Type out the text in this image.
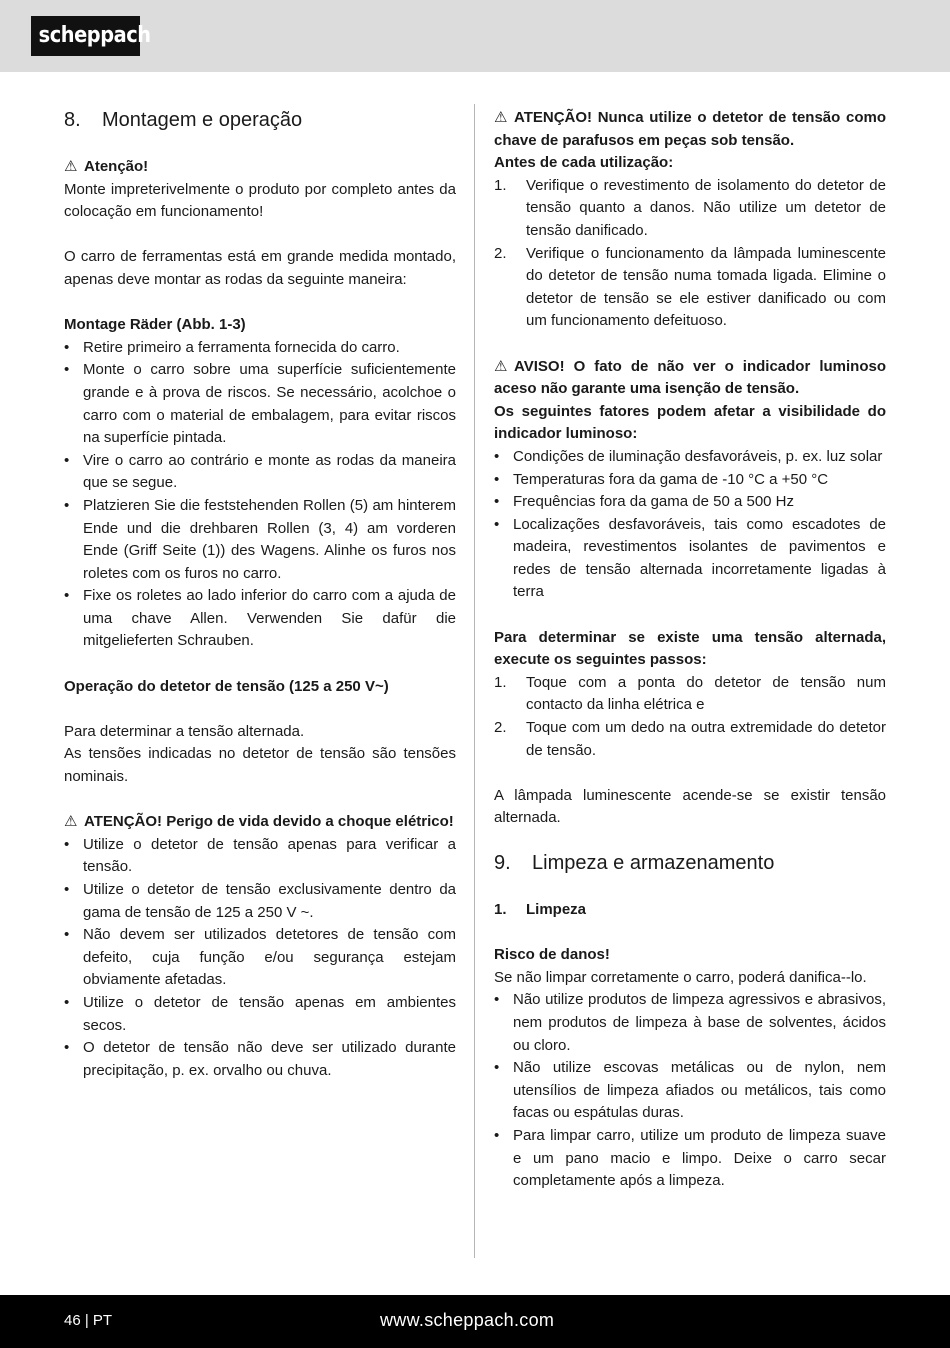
scheppach
8.	Montagem e operação

⚠ Atenção!

Monte impreterivelmente o produto por completo antes da colocação em funcionamento!

O carro de ferramentas está em grande medida montado, apenas deve montar as rodas da seguinte maneira:

Montage Räder (Abb. 1-3)

• Retire primeiro a ferramenta fornecida do carro.
• Monte o carro sobre uma superfície suficientemente grande e à prova de riscos. Se necessário, acolchoe o carro com o material de embalagem, para evitar riscos na superfície pintada.
• Vire o carro ao contrário e monte as rodas da maneira que se segue.
• Platzieren Sie die feststehenden Rollen (5) am hinterem Ende und die drehbaren Rollen (3, 4) am vorderen Ende (Griff Seite (1)) des Wagens. Alinhe os furos nos roletes com os furos no carro.
• Fixe os roletes ao lado inferior do carro com a ajuda de uma chave Allen. Verwenden Sie dafür die mitgelieferten Schrauben.

Operação do detetor de tensão (125 a 250 V~)

Para determinar a tensão alternada.

As tensões indicadas no detetor de tensão são tensões nominais.

⚠ ATENÇÃO! Perigo de vida devido a choque elétrico!

• Utilize o detetor de tensão apenas para verificar a tensão.
• Utilize o detetor de tensão exclusivamente dentro da gama de tensão de 125 a 250 V ~.
• Não devem ser utilizados detetores de tensão com defeito, cuja função e/ou segurança estejam obviamente afetadas.
• Utilize o detetor de tensão apenas em ambientes secos.
• O detetor de tensão não deve ser utilizado durante precipitação, p. ex. orvalho ou chuva.

⚠ ATENÇÃO! Nunca utilize o detetor de tensão como chave de parafusos em peças sob tensão.

Antes de cada utilização:

1.	Verifique o revestimento de isolamento do detetor de tensão quanto a danos. Não utilize um detetor de tensão danificado.
2.	Verifique o funcionamento da lâmpada luminescente do detetor de tensão numa tomada ligada. Elimine o detetor de tensão se ele estiver danificado ou com um funcionamento defeituoso.

⚠ AVISO! O fato de não ver o indicador luminoso aceso não garante uma isenção de tensão.

Os seguintes fatores podem afetar a visibilidade do indicador luminoso:

• Condições de iluminação desfavoráveis, p. ex. luz solar
• Temperaturas fora da gama de -10 °C a +50 °C
• Frequências fora da gama de 50 a 500 Hz
• Localizações desfavoráveis, tais como escadotes de madeira, revestimentos isolantes de pavimentos e redes de tensão alternada incorretamente ligadas à terra

Para determinar se existe uma tensão alternada, execute os seguintes passos:

1.	Toque com a ponta do detetor de tensão num contacto da linha elétrica e
2.	Toque com um dedo na outra extremidade do detetor de tensão.

A lâmpada luminescente acende-se se existir tensão alternada.

9.	Limpeza e armazenamento
1.	Limpeza

Risco de danos!

Se não limpar corretamente o carro, poderá danifica--lo.

• Não utilize produtos de limpeza agressivos e abrasivos, nem produtos de limpeza à base de solventes, ácidos ou cloro.
• Não utilize escovas metálicas ou de nylon, nem utensílios de limpeza afiados ou metálicos, tais como facas ou espátulas duras.
• Para limpar carro, utilize um produto de limpeza suave e um pano macio e limpo. Deixe o carro secar completamente após a limpeza.
46 | PT	www.scheppach.com
